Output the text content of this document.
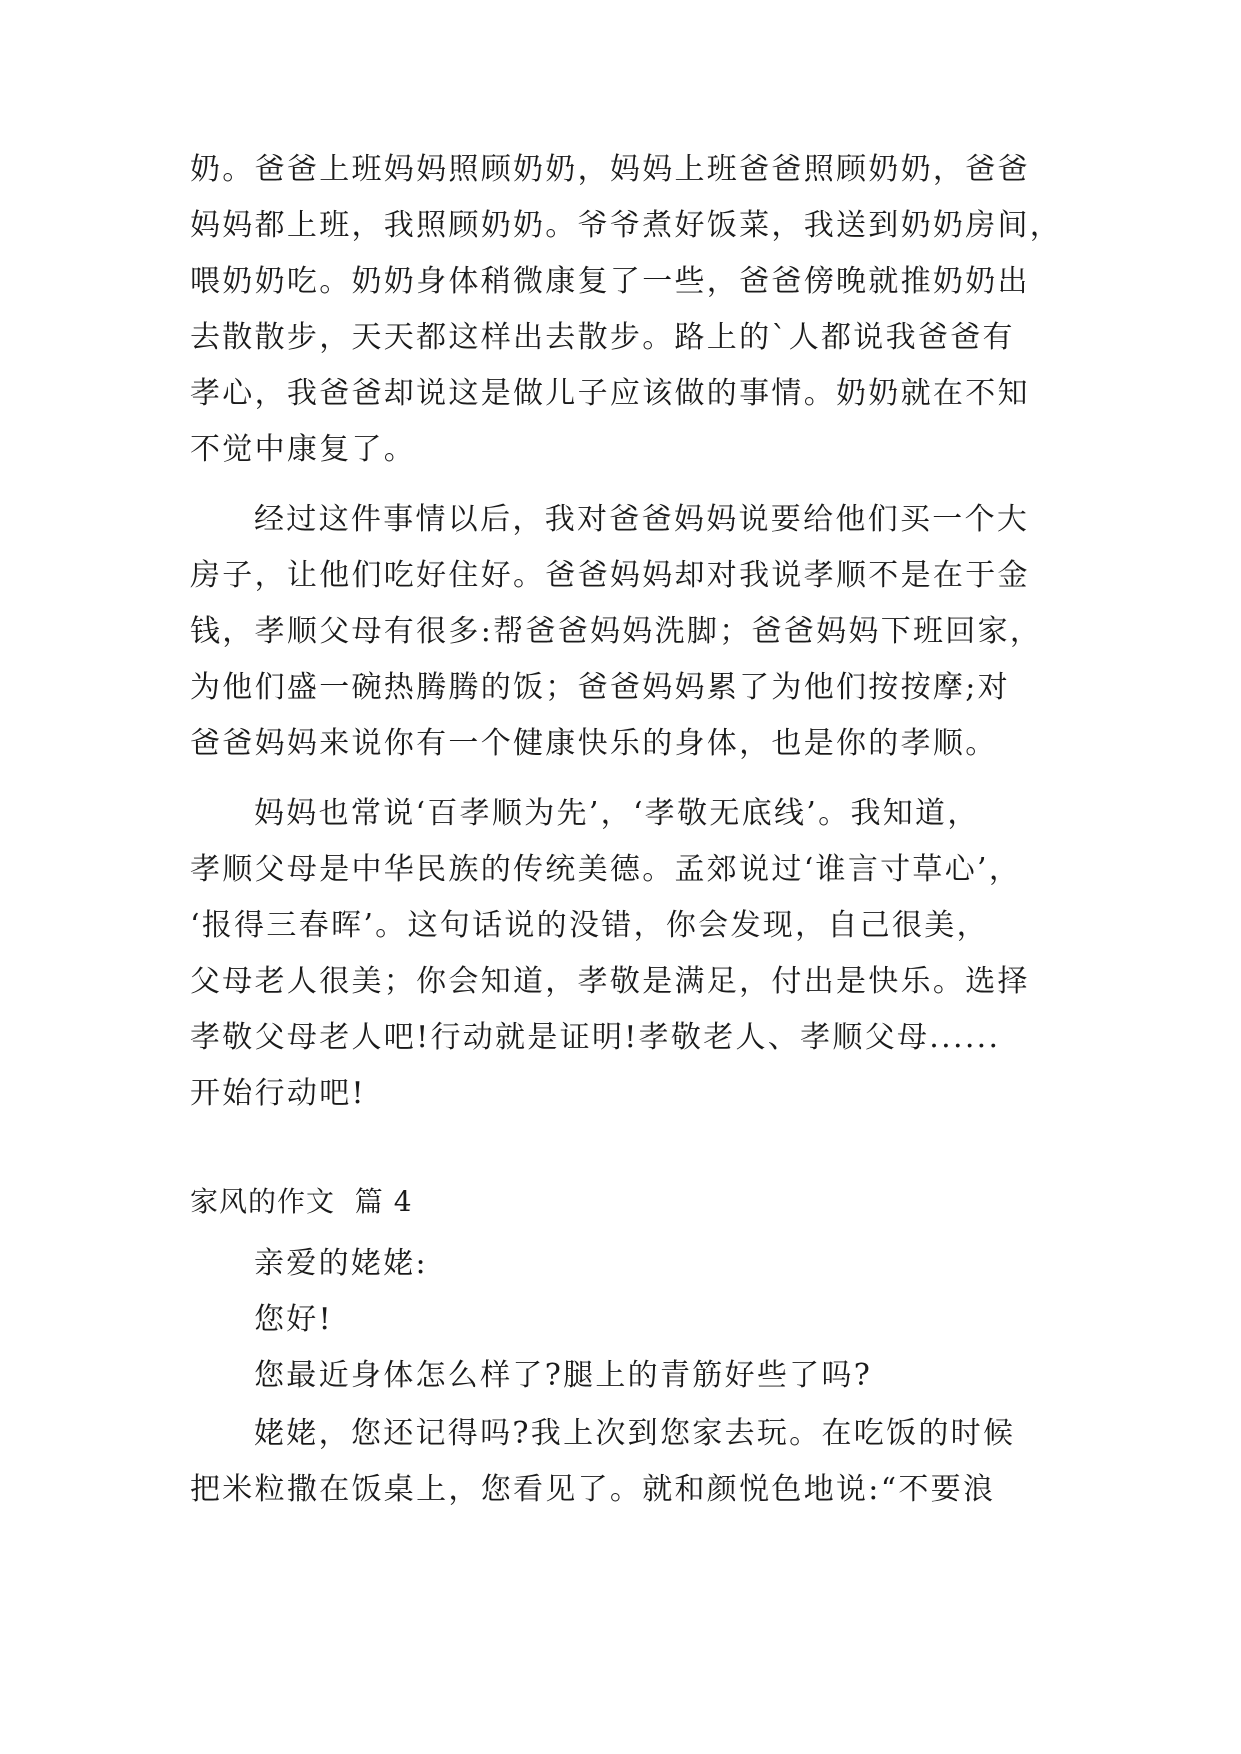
奶。爸爸上班妈妈照顾奶奶，妈妈上班爸爸照顾奶奶，爸爸
妈妈都上班，我照顾奶奶。爷爷煮好饭菜，我送到奶奶房间，
喂奶奶吃。奶奶身体稍微康复了一些，爸爸傍晚就推奶奶出
去散散步，天天都这样出去散步。路上的`人都说我爸爸有
孝心，我爸爸却说这是做儿子应该做的事情。奶奶就在不知
不觉中康复了。
经过这件事情以后，我对爸爸妈妈说要给他们买一个大
房子，让他们吃好住好。爸爸妈妈却对我说孝顺不是在于金
钱，孝顺父母有很多:帮爸爸妈妈洗脚；爸爸妈妈下班回家，
为他们盛一碗热腾腾的饭；爸爸妈妈累了为他们按按摩;对
爸爸妈妈来说你有一个健康快乐的身体，也是你的孝顺。
妈妈也常说‘百孝顺为先’，‘孝敬无底线’。我知道，
孝顺父母是中华民族的传统美德。孟郊说过‘谁言寸草心’，
‘报得三春晖’。这句话说的没错，你会发现，自己很美，
父母老人很美；你会知道，孝敬是满足，付出是快乐。选择
孝敬父母老人吧!行动就是证明!孝敬老人、孝顺父母......
开始行动吧!
家风的作文  篇 4
亲爱的姥姥:
您好!
您最近身体怎么样了?腿上的青筋好些了吗?
姥姥，您还记得吗?我上次到您家去玩。在吃饭的时候
把米粒撒在饭桌上，您看见了。就和颜悦色地说:“不要浪
